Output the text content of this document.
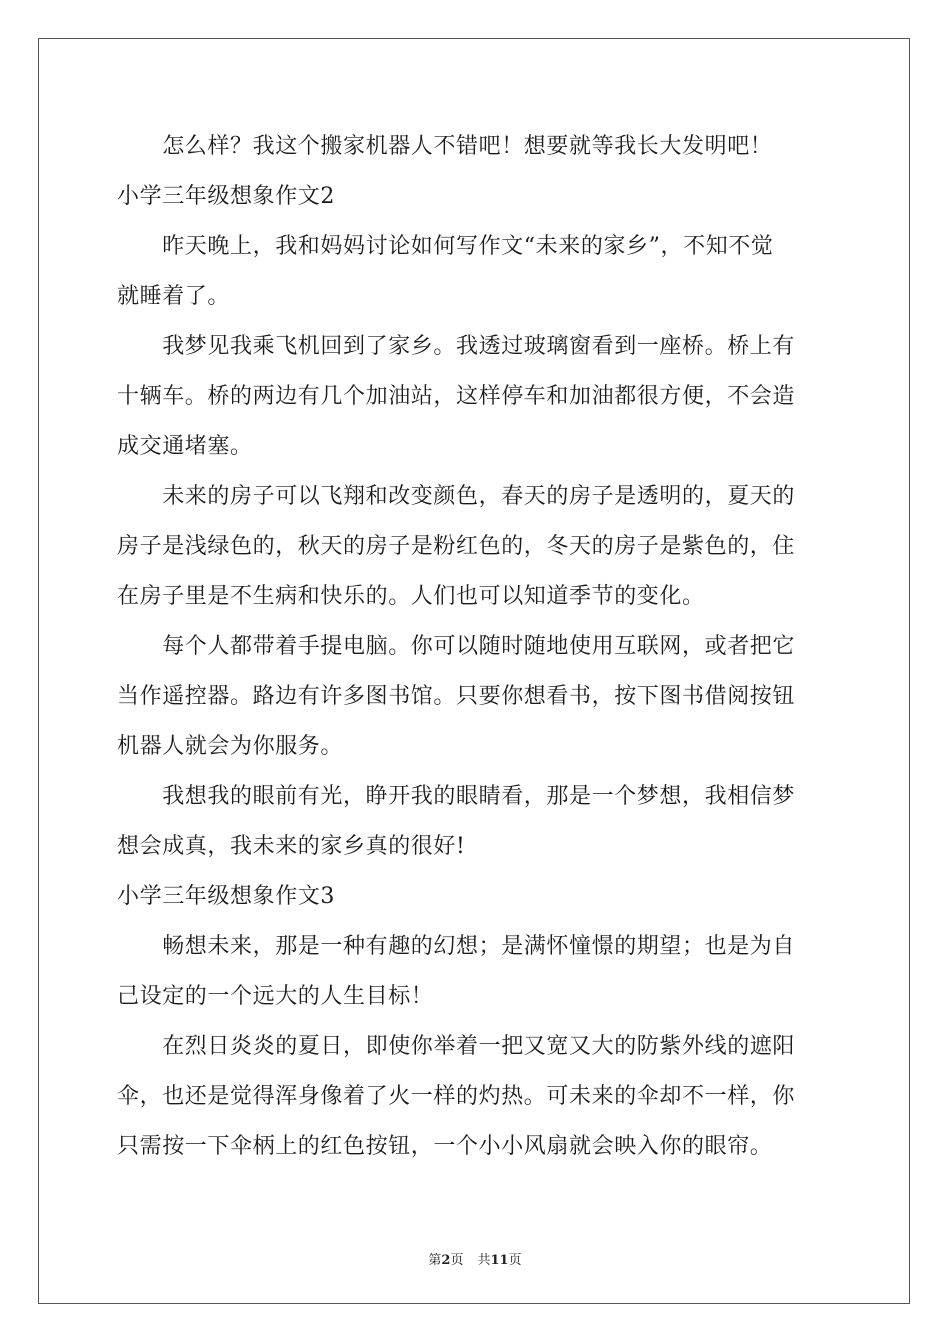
　　怎么样？我这个搬家机器人不错吧！想要就等我长大发明吧！
小学三年级想象作文2
　　昨天晚上，我和妈妈讨论如何写作文“未来的家乡”，不知不觉
就睡着了。
　　我梦见我乘飞机回到了家乡。我透过玻璃窗看到一座桥。桥上有
十辆车。桥的两边有几个加油站，这样停车和加油都很方便，不会造
成交通堵塞。
　　未来的房子可以飞翔和改变颜色，春天的房子是透明的，夏天的
房子是浅绿色的，秋天的房子是粉红色的，冬天的房子是紫色的，住
在房子里是不生病和快乐的。人们也可以知道季节的变化。
　　每个人都带着手提电脑。你可以随时随地使用互联网，或者把它
当作遥控器。路边有许多图书馆。只要你想看书，按下图书借阅按钮
机器人就会为你服务。
　　我想我的眼前有光，睁开我的眼睛看，那是一个梦想，我相信梦
想会成真，我未来的家乡真的很好!
小学三年级想象作文3
　　畅想未来，那是一种有趣的幻想；是满怀憧憬的期望；也是为自
己设定的一个远大的人生目标！
　　在烈日炎炎的夏日，即使你举着一把又宽又大的防紫外线的遮阳
伞，也还是觉得浑身像着了火一样的灼热。可未来的伞却不一样，你
只需按一下伞柄上的红色按钮，一个小小风扇就会映入你的眼帘。
第2页 共11页
